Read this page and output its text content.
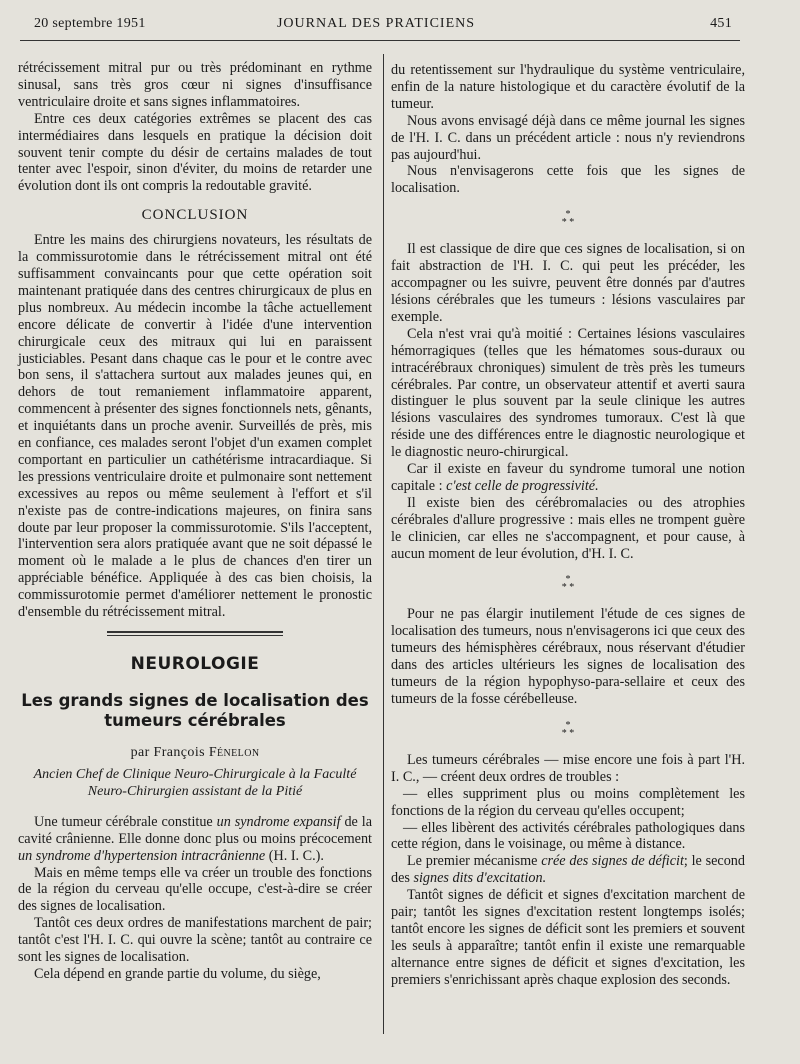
20 septembre 1951	JOURNAL DES PRATICIENS	451

rétrécissement mitral pur ou très prédominant en rythme sinusal, sans très gros cœur ni signes d'insuffisance ventriculaire droite et sans signes inflammatoires.

Entre ces deux catégories extrêmes se placent des cas intermédiaires dans lesquels en pratique la décision doit souvent tenir compte du désir de certains malades de tout tenter avec l'espoir, sinon d'éviter, du moins de retarder une évolution dont ils ont compris la redoutable gravité.

CONCLUSION

Entre les mains des chirurgiens novateurs, les résultats de la commissurotomie dans le rétrécissement mitral ont été suffisamment convaincants pour que cette opération soit maintenant pratiquée dans des centres chirurgicaux de plus en plus nombreux. Au médecin incombe la tâche actuellement encore délicate de convertir à l'idée d'une intervention chirurgicale ceux des mitraux qui lui en paraissent justiciables. Pesant dans chaque cas le pour et le contre avec bon sens, il s'attachera surtout aux malades jeunes qui, en dehors de tout remaniement inflammatoire apparent, commencent à présenter des signes fonctionnels nets, gênants, et inquiétants dans un proche avenir. Surveillés de près, mis en confiance, ces malades seront l'objet d'un examen complet comportant en particulier un cathétérisme intracardiaque. Si les pressions ventriculaire droite et pulmonaire sont nettement excessives au repos ou même seulement à l'effort et s'il n'existe pas de contre-indications majeures, on finira sans doute par leur proposer la commissurotomie. S'ils l'acceptent, l'intervention sera alors pratiquée avant que ne soit dépassé le moment où le malade a le plus de chances d'en tirer un appréciable bénéfice. Appliquée à des cas bien choisis, la commissurotomie permet d'améliorer nettement le pronostic d'ensemble du rétrécissement mitral.

NEUROLOGIE
Les grands signes de localisation des tumeurs cérébrales
par François Fénelon
Ancien Chef de Clinique Neuro-Chirurgicale à la Faculté Neuro-Chirurgien assistant de la Pitié

Une tumeur cérébrale constitue un syndrome expansif de la cavité crânienne. Elle donne donc plus ou moins précocement un syndrome d'hypertension intracrânienne (H. I. C.).

Mais en même temps elle va créer un trouble des fonctions de la région du cerveau qu'elle occupe, c'est-à-dire se créer des signes de localisation.

Tantôt ces deux ordres de manifestations marchent de pair; tantôt c'est l'H. I. C. qui ouvre la scène; tantôt au contraire ce sont les signes de localisation.

Cela dépend en grande partie du volume, du siège,

du retentissement sur l'hydraulique du système ventriculaire, enfin de la nature histologique et du caractère évolutif de la tumeur.

Nous avons envisagé déjà dans ce même journal les signes de l'H. I. C. dans un précédent article : nous n'y reviendrons pas aujourd'hui.

Nous n'envisagerons cette fois que les signes de localisation.

*
* *

Il est classique de dire que ces signes de localisation, si on fait abstraction de l'H. I. C. qui peut les précéder, les accompagner ou les suivre, peuvent être donnés par d'autres lésions cérébrales que les tumeurs : lésions vasculaires par exemple.

Cela n'est vrai qu'à moitié : Certaines lésions vasculaires hémorragiques (telles que les hématomes sous-duraux ou intracérébraux chroniques) simulent de très près les tumeurs cérébrales. Par contre, un observateur attentif et averti saura distinguer le plus souvent par la seule clinique les autres lésions vasculaires des syndromes tumoraux. C'est là que réside une des différences entre le diagnostic neurologique et le diagnostic neuro-chirurgical.

Car il existe en faveur du syndrome tumoral une notion capitale : c'est celle de progressivité.

Il existe bien des cérébromalacies ou des atrophies cérébrales d'allure progressive : mais elles ne trompent guère le clinicien, car elles ne s'accompagnent, et pour cause, à aucun moment de leur évolution, d'H. I. C.

*
* *

Pour ne pas élargir inutilement l'étude de ces signes de localisation des tumeurs, nous n'envisagerons ici que ceux des tumeurs des hémisphères cérébraux, nous réservant d'étudier dans des articles ultérieurs les signes de localisation des tumeurs de la région hypophyso-para-sellaire et ceux des tumeurs de la fosse cérébelleuse.

*
* *

Les tumeurs cérébrales — mise encore une fois à part l'H. I. C., — créent deux ordres de troubles :

— elles suppriment plus ou moins complètement les fonctions de la région du cerveau qu'elles occupent;

— elles libèrent des activités cérébrales pathologiques dans cette région, dans le voisinage, ou même à distance.

Le premier mécanisme crée des signes de déficit; le second des signes dits d'excitation.

Tantôt signes de déficit et signes d'excitation marchent de pair; tantôt les signes d'excitation restent longtemps isolés; tantôt encore les signes de déficit sont les premiers et souvent les seuls à apparaître; tantôt enfin il existe une remarquable alternance entre signes de déficit et signes d'excitation, les premiers s'enrichissant après chaque explosion des seconds.
